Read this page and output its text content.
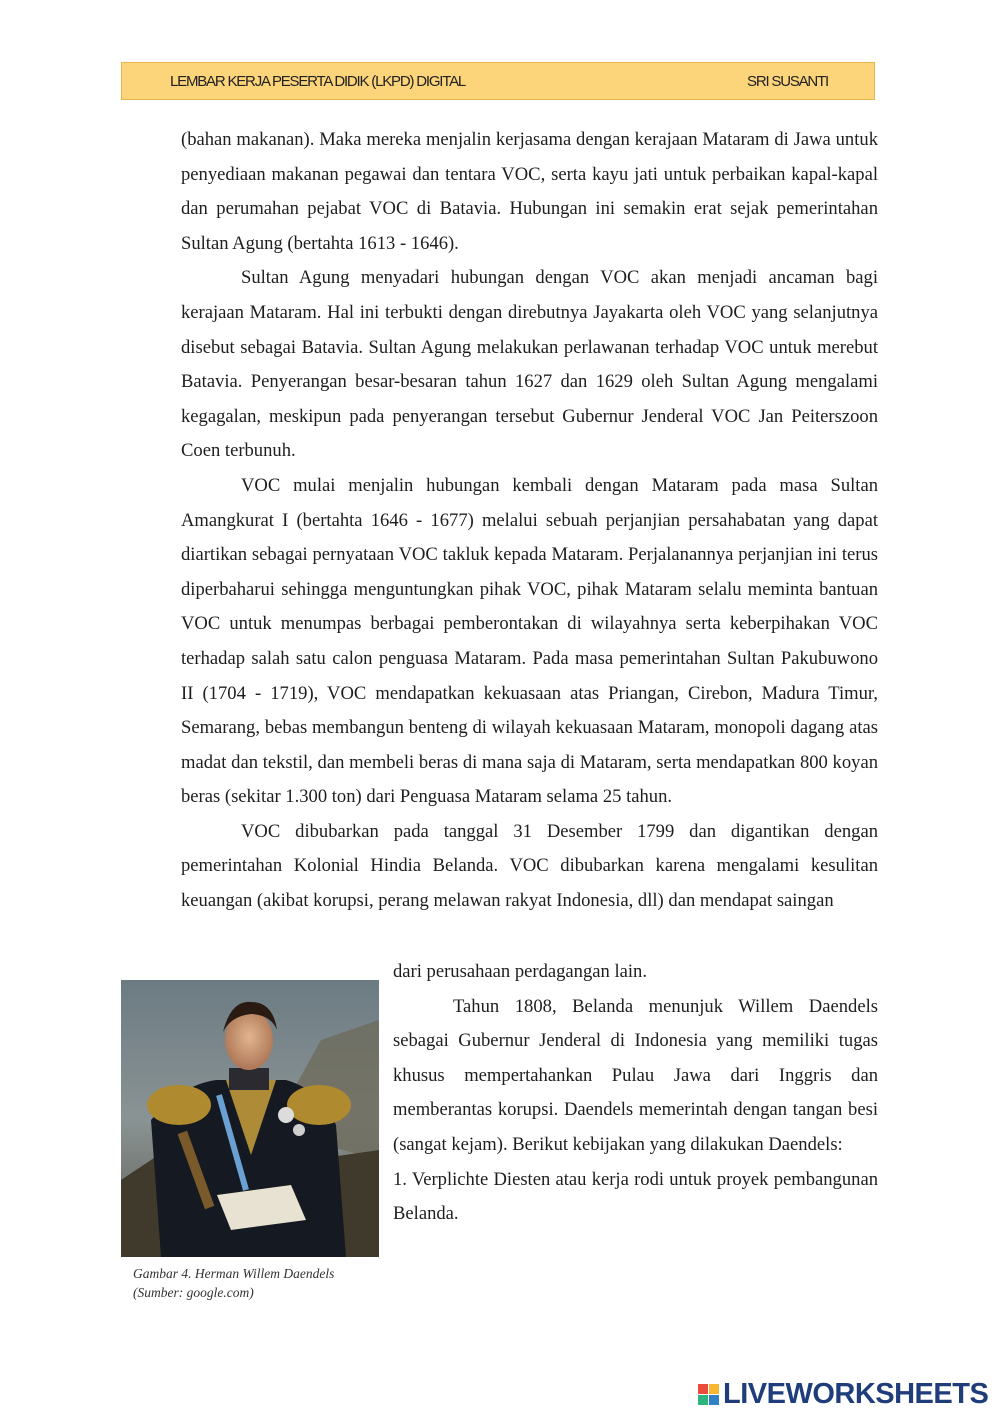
LEMBAR KERJA PESERTA DIDIK (LKPD) DIGITAL	SRI SUSANTI

(bahan makanan). Maka mereka menjalin kerjasama dengan kerajaan Mataram di Jawa untuk penyediaan makanan pegawai dan tentara VOC, serta kayu jati untuk perbaikan kapal-kapal dan perumahan pejabat VOC di Batavia. Hubungan ini semakin erat sejak pemerintahan Sultan Agung (bertahta 1613 - 1646).

Sultan Agung menyadari hubungan dengan VOC akan menjadi ancaman bagi kerajaan Mataram. Hal ini terbukti dengan direbutnya Jayakarta oleh VOC yang selanjutnya disebut sebagai Batavia. Sultan Agung melakukan perlawanan terhadap VOC untuk merebut Batavia. Penyerangan besar-besaran tahun 1627 dan 1629 oleh Sultan Agung mengalami kegagalan, meskipun pada penyerangan tersebut Gubernur Jenderal VOC Jan Peiterszoon Coen terbunuh.

VOC mulai menjalin hubungan kembali dengan Mataram pada masa Sultan Amangkurat I (bertahta 1646 - 1677) melalui sebuah perjanjian persahabatan yang dapat diartikan sebagai pernyataan VOC takluk kepada Mataram. Perjalanannya perjanjian ini terus diperbaharui sehingga menguntungkan pihak VOC, pihak Mataram selalu meminta bantuan VOC untuk menumpas berbagai pemberontakan di wilayahnya serta keberpihakan VOC terhadap salah satu calon penguasa Mataram. Pada masa pemerintahan Sultan Pakubuwono II (1704 - 1719), VOC mendapatkan kekuasaan atas Priangan, Cirebon, Madura Timur, Semarang, bebas membangun benteng di wilayah kekuasaan Mataram, monopoli dagang atas madat dan tekstil, dan membeli beras di mana saja di Mataram, serta mendapatkan 800 koyan beras (sekitar 1.300 ton) dari Penguasa Mataram selama 25 tahun.

VOC dibubarkan pada tanggal 31 Desember 1799 dan digantikan dengan pemerintahan Kolonial Hindia Belanda. VOC dibubarkan karena mengalami kesulitan keuangan (akibat korupsi, perang melawan rakyat Indonesia, dll) dan mendapat saingan

dari perusahaan perdagangan lain.

Tahun 1808, Belanda menunjuk Willem Daendels sebagai Gubernur Jenderal di Indonesia yang memiliki tugas khusus mempertahankan Pulau Jawa dari Inggris dan memberantas korupsi. Daendels memerintah dengan tangan besi (sangat kejam). Berikut kebijakan yang dilakukan Daendels:

1. Verplichte Diesten atau kerja rodi untuk proyek pembangunan Belanda.

Gambar 4. Herman Willem Daendels
(Sumber: google.com)
LIVEWORKSHEETS
